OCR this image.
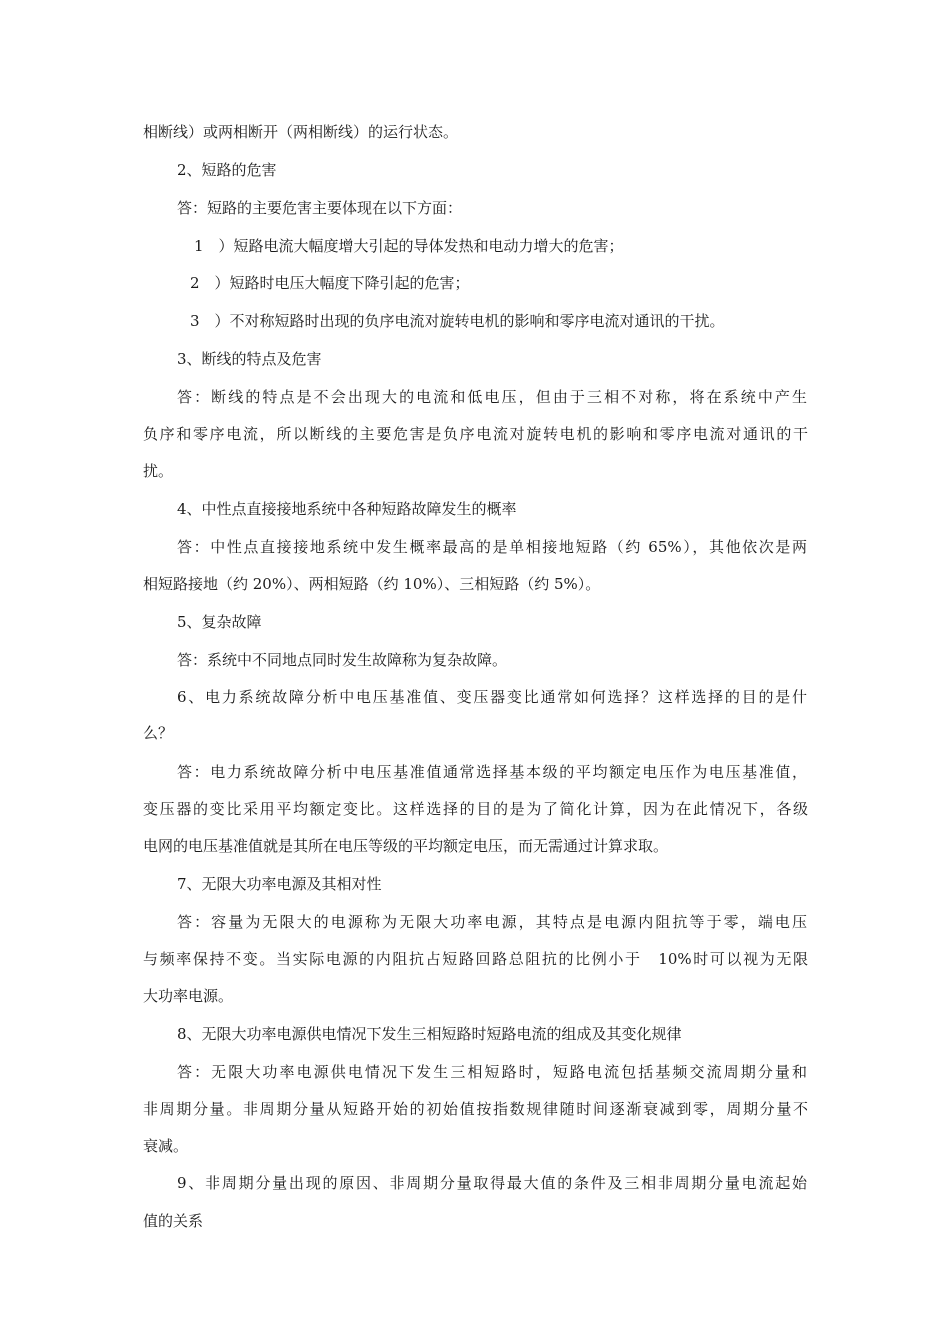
相断线）或两相断开（两相断线）的运行状态。
2、短路的危害
答：短路的主要危害主要体现在以下方面：
1　）短路电流大幅度增大引起的导体发热和电动力增大的危害；
2　）短路时电压大幅度下降引起的危害；
3　）不对称短路时出现的负序电流对旋转电机的影响和零序电流对通讯的干扰。
3、断线的特点及危害
答：断线的特点是不会出现大的电流和低电压，但由于三相不对称，将在系统中产生
负序和零序电流，所以断线的主要危害是负序电流对旋转电机的影响和零序电流对通讯的干
扰。
4、中性点直接接地系统中各种短路故障发生的概率
答：中性点直接接地系统中发生概率最高的是单相接地短路（约 65%），其他依次是两
相短路接地（约 20%）、两相短路（约 10%）、三相短路（约 5%）。
5、复杂故障
答：系统中不同地点同时发生故障称为复杂故障。
6、电力系统故障分析中电压基准值、变压器变比通常如何选择？这样选择的目的是什
么？
答：电力系统故障分析中电压基准值通常选择基本级的平均额定电压作为电压基准值，
变压器的变比采用平均额定变比。这样选择的目的是为了简化计算，因为在此情况下，各级
电网的电压基准值就是其所在电压等级的平均额定电压，而无需通过计算求取。
7、无限大功率电源及其相对性
答：容量为无限大的电源称为无限大功率电源，其特点是电源内阻抗等于零，端电压
与频率保持不变。当实际电源的内阻抗占短路回路总阻抗的比例小于　10%时可以视为无限
大功率电源。
8、无限大功率电源供电情况下发生三相短路时短路电流的组成及其变化规律
答：无限大功率电源供电情况下发生三相短路时，短路电流包括基频交流周期分量和
非周期分量。非周期分量从短路开始的初始值按指数规律随时间逐渐衰减到零，周期分量不
衰减。
9、非周期分量出现的原因、非周期分量取得最大值的条件及三相非周期分量电流起始
值的关系
